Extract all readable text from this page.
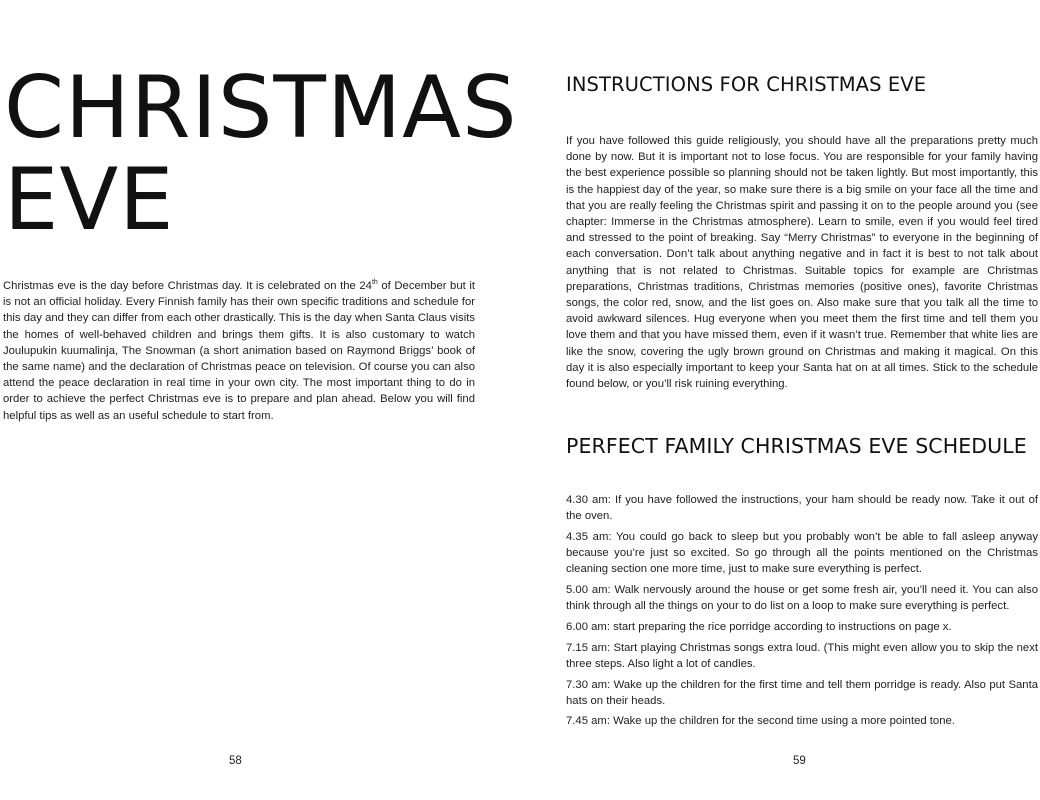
CHRISTMAS
EVE

Christmas eve is the day before Christmas day. It is celebrated on the 24th of December but it is not an official holiday. Every Finnish family has their own specific traditions and schedule for this day and they can differ from each other drastically. This is the day when Santa Claus visits the homes of well-behaved children and brings them gifts. It is also customary to watch Joulupukin kuumalinja, The Snowman (a short animation based on Raymond Briggs’ book of the same name) and the declaration of Christmas peace on television. Of course you can also attend the peace declaration in real time in your own city. The most important thing to do in order to achieve the perfect Christmas eve is to prepare and plan ahead. Below you will find helpful tips as well as an useful schedule to start from.

58
INSTRUCTIONS FOR CHRISTMAS EVE

If you have followed this guide religiously, you should have all the preparations pretty much done by now. But it is important not to lose focus. You are responsible for your family having the best experience possible so planning should not be taken lightly. But most importantly, this is the happiest day of the year, so make sure there is a big smile on your face all the time and that you are really feeling the Christmas spirit and passing it on to the people around you (see chapter: Immerse in the Christmas atmosphere). Learn to smile, even if you would feel tired and stressed to the point of breaking. Say “Merry Christmas” to everyone in the beginning of each conversation. Don’t talk about anything negative and in fact it is best to not talk about anything that is not related to Christmas. Suitable topics for example are Christmas preparations, Christmas traditions, Christmas memories (positive ones), favorite Christmas songs, the color red, snow, and the list goes on. Also make sure that you talk all the time to avoid awkward silences. Hug everyone when you meet them the first time and tell them you love them and that you have missed them, even if it wasn’t true. Remember that white lies are like the snow, covering the ugly brown ground on Christmas and making it magical. On this day it is also especially important to keep your Santa hat on at all times. Stick to the schedule found below, or you’ll risk ruining everything.

PERFECT FAMILY CHRISTMAS EVE SCHEDULE
4.30 am: If you have followed the instructions, your ham should be ready now. Take it out of the oven.
4.35 am: You could go back to sleep but you probably won’t be able to fall asleep anyway because you’re just so excited. So go through all the points mentioned on the Christmas cleaning section one more time, just to make sure everything is perfect.
5.00 am: Walk nervously around the house or get some fresh air, you’ll need it. You can also think through all the things on your to do list on a loop to make sure everything is perfect.
6.00 am: start preparing the rice porridge according to instructions on page x.
7.15 am: Start playing Christmas songs extra loud. (This might even allow you to skip the next three steps. Also light a lot of candles.
7.30 am: Wake up the children for the first time and tell them porridge is ready. Also put Santa hats on their heads.
7.45 am: Wake up the children for the second time using a more pointed tone.
59
